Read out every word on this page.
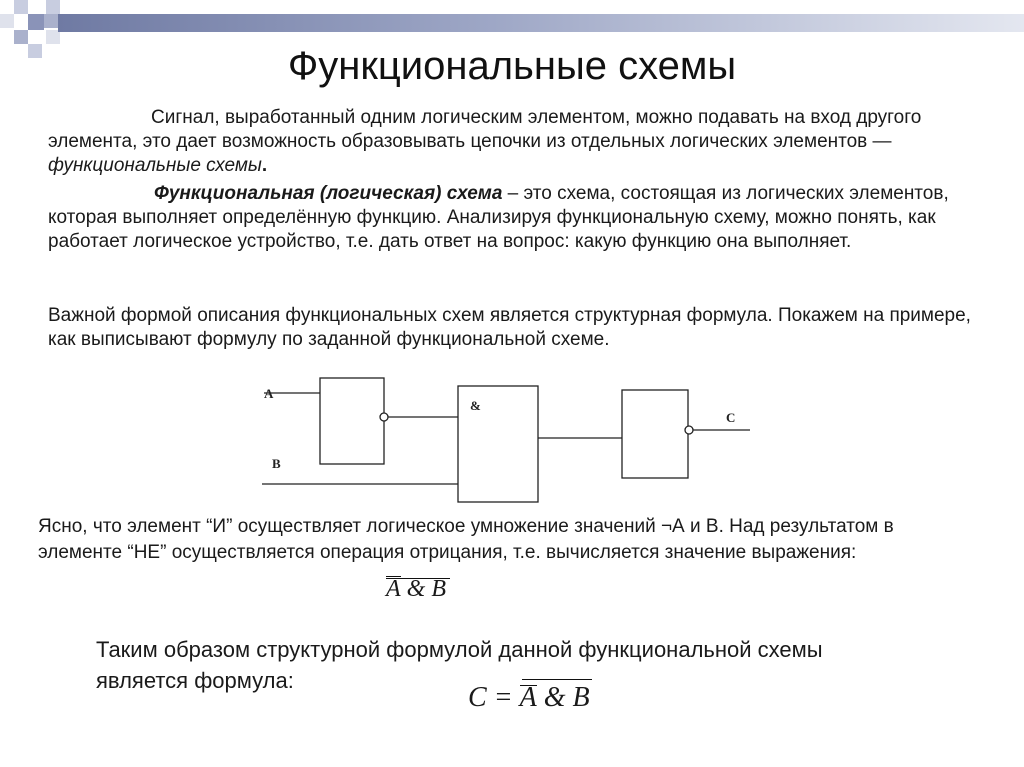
Функциональные схемы

Сигнал, выработанный одним логическим элементом, можно подавать на вход другого элемента, это дает возможность образовывать цепочки из отдельных логических элементов — функциональные схемы.

Функциональная (логическая) схема – это схема, состоящая из логических элементов, которая выполняет определённую функцию. Анализируя функциональную схему, можно понять, как работает логическое устройство, т.е. дать ответ на вопрос: какую функцию она выполняет.

Важной формой описания функциональных схем является структурная формула. Покажем на примере, как выписывают формулу по заданной функциональной схеме.

A
B
&
C

Ясно, что элемент “И” осуществляет логическое умножение значений ¬А и В. Над результатом в элементе “НЕ” осуществляется операция отрицания, т.е. вычисляется значение выражения:

A & B

Таким образом структурной формулой данной функциональной схемы является формула:

C = A & B
